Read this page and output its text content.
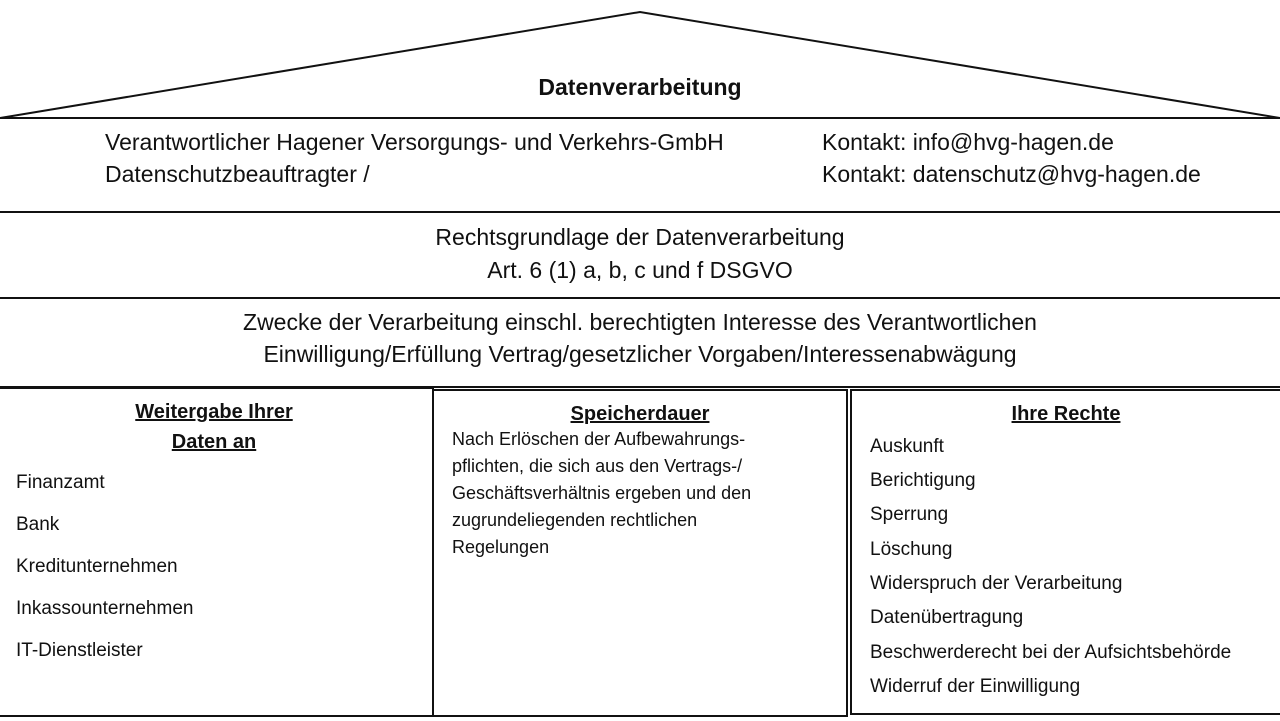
Datenverarbeitung
Verantwortlicher Hagener Versorgungs- und Verkehrs-GmbH	Kontakt: info@hvg-hagen.de
Datenschutzbeauftragter /	Kontakt: datenschutz@hvg-hagen.de
Rechtsgrundlage der Datenverarbeitung
Art. 6 (1) a, b, c und f DSGVO
Zwecke der Verarbeitung einschl. berechtigten Interesse des Verantwortlichen
Einwilligung/Erfüllung Vertrag/gesetzlicher Vorgaben/Interessenabwägung
Weitergabe Ihrer
Daten an
Finanzamt
Bank
Kreditunternehmen
Inkassounternehmen
IT-Dienstleister
Speicherdauer
Nach Erlöschen der Aufbewahrungs-
pflichten, die sich aus den Vertrags-/
Geschäftsverhältnis ergeben und den
zugrundeliegenden rechtlichen
Regelungen
Ihre Rechte
Auskunft
Berichtigung
Sperrung
Löschung
Widerspruch der Verarbeitung
Datenübertragung
Beschwerderecht bei der Aufsichtsbehörde
Widerruf der Einwilligung
